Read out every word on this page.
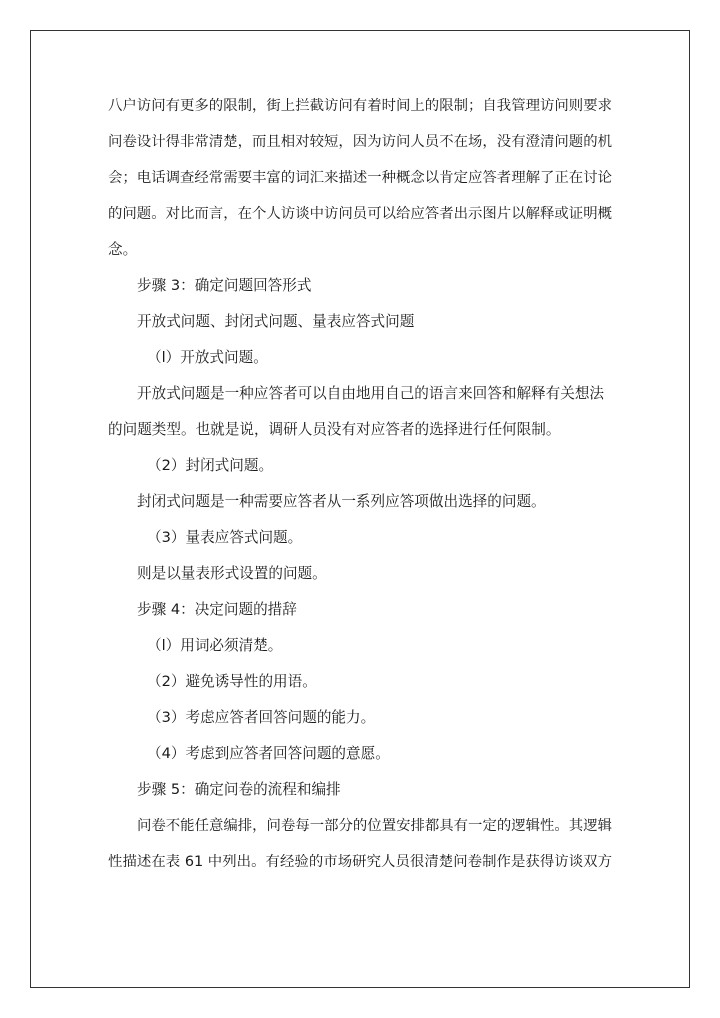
八户访问有更多的限制，街上拦截访问有着时间上的限制；自我管理访问则要求
问卷设计得非常清楚，而且相对较短，因为访问人员不在场，没有澄清问题的机
会；电话调查经常需要丰富的词汇来描述一种概念以肯定应答者理解了正在讨论
的问题。对比而言，在个人访谈中访问员可以给应答者出示图片以解释或证明概
念。
步骤 3：确定问题回答形式
开放式问题、封闭式问题、量表应答式问题
（l）开放式问题。
开放式问题是一种应答者可以自由地用自己的语言来回答和解释有关想法
的问题类型。也就是说，调研人员没有对应答者的选择进行任何限制。
（2）封闭式问题。
封闭式问题是一种需要应答者从一系列应答项做出选择的问题。
（3）量表应答式问题。
则是以量表形式设置的问题。
步骤 4：决定问题的措辞
（l）用词必须清楚。
（2）避免诱导性的用语。
（3）考虑应答者回答问题的能力。
（4）考虑到应答者回答问题的意愿。
步骤 5：确定问卷的流程和编排
问卷不能任意编排，问卷每一部分的位置安排都具有一定的逻辑性。其逻辑
性描述在表 61 中列出。有经验的市场研究人员很清楚问卷制作是获得访谈双方
